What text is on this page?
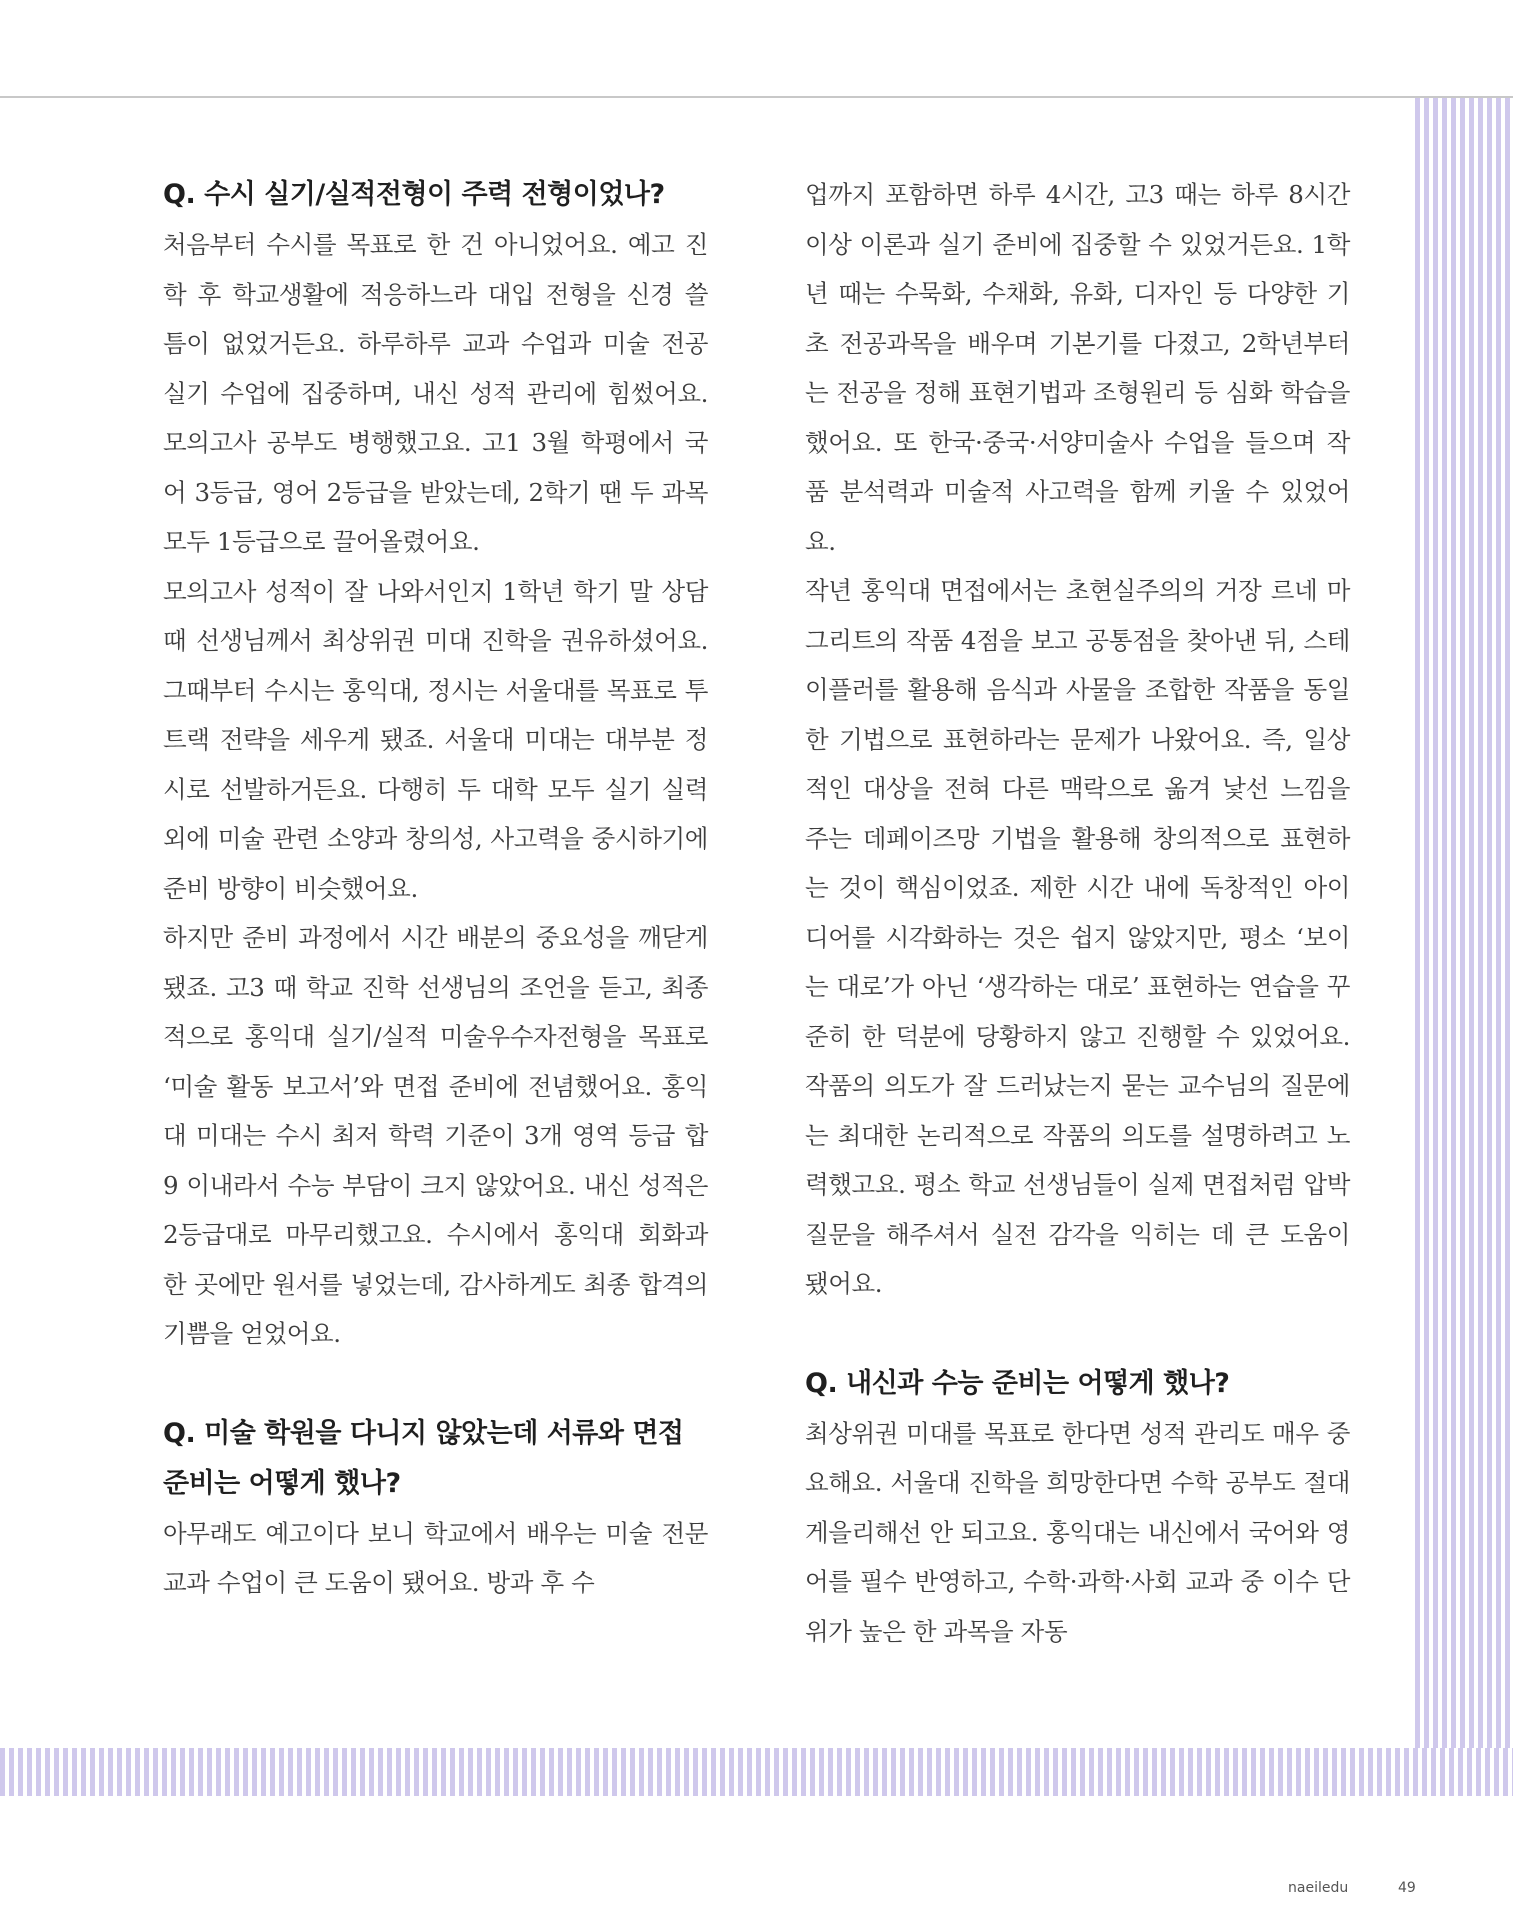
Q. 수시 실기/실적전형이 주력 전형이었나?

처음부터 수시를 목표로 한 건 아니었어요. 예고 진학 후 학교생활에 적응하느라 대입 전형을 신경 쓸 틈이 없었거든요. 하루하루 교과 수업과 미술 전공 실기 수업에 집중하며, 내신 성적 관리에 힘썼어요. 모의고사 공부도 병행했고요. 고1 3월 학평에서 국어 3등급, 영어 2등급을 받았는데, 2학기 땐 두 과목 모두 1등급으로 끌어올렸어요.

모의고사 성적이 잘 나와서인지 1학년 학기 말 상담 때 선생님께서 최상위권 미대 진학을 권유하셨어요. 그때부터 수시는 홍익대, 정시는 서울대를 목표로 투 트랙 전략을 세우게 됐죠. 서울대 미대는 대부분 정시로 선발하거든요. 다행히 두 대학 모두 실기 실력 외에 미술 관련 소양과 창의성, 사고력을 중시하기에 준비 방향이 비슷했어요.

하지만 준비 과정에서 시간 배분의 중요성을 깨닫게 됐죠. 고3 때 학교 진학 선생님의 조언을 듣고, 최종적으로 홍익대 실기/실적 미술우수자전형을 목표로 ‘미술 활동 보고서’와 면접 준비에 전념했어요. 홍익대 미대는 수시 최저 학력 기준이 3개 영역 등급 합 9 이내라서 수능 부담이 크지 않았어요. 내신 성적은 2등급대로 마무리했고요. 수시에서 홍익대 회화과 한 곳에만 원서를 넣었는데, 감사하게도 최종 합격의 기쁨을 얻었어요.

Q. 미술 학원을 다니지 않았는데 서류와 면접 준비는 어떻게 했나?

아무래도 예고이다 보니 학교에서 배우는 미술 전문 교과 수업이 큰 도움이 됐어요. 방과 후 수

업까지 포함하면 하루 4시간, 고3 때는 하루 8시간 이상 이론과 실기 준비에 집중할 수 있었거든요. 1학년 때는 수묵화, 수채화, 유화, 디자인 등 다양한 기초 전공과목을 배우며 기본기를 다졌고, 2학년부터는 전공을 정해 표현기법과 조형원리 등 심화 학습을 했어요. 또 한국·중국·서양미술사 수업을 들으며 작품 분석력과 미술적 사고력을 함께 키울 수 있었어요.

작년 홍익대 면접에서는 초현실주의의 거장 르네 마그리트의 작품 4점을 보고 공통점을 찾아낸 뒤, 스테이플러를 활용해 음식과 사물을 조합한 작품을 동일한 기법으로 표현하라는 문제가 나왔어요. 즉, 일상적인 대상을 전혀 다른 맥락으로 옮겨 낯선 느낌을 주는 데페이즈망 기법을 활용해 창의적으로 표현하는 것이 핵심이었죠. 제한 시간 내에 독창적인 아이디어를 시각화하는 것은 쉽지 않았지만, 평소 ‘보이는 대로’가 아닌 ‘생각하는 대로’ 표현하는 연습을 꾸준히 한 덕분에 당황하지 않고 진행할 수 있었어요. 작품의 의도가 잘 드러났는지 묻는 교수님의 질문에는 최대한 논리적으로 작품의 의도를 설명하려고 노력했고요. 평소 학교 선생님들이 실제 면접처럼 압박 질문을 해주셔서 실전 감각을 익히는 데 큰 도움이 됐어요.

Q. 내신과 수능 준비는 어떻게 했나?

최상위권 미대를 목표로 한다면 성적 관리도 매우 중요해요. 서울대 진학을 희망한다면 수학 공부도 절대 게을리해선 안 되고요. 홍익대는 내신에서 국어와 영어를 필수 반영하고, 수학·과학·사회 교과 중 이수 단위가 높은 한 과목을 자동

naeiledu	49
